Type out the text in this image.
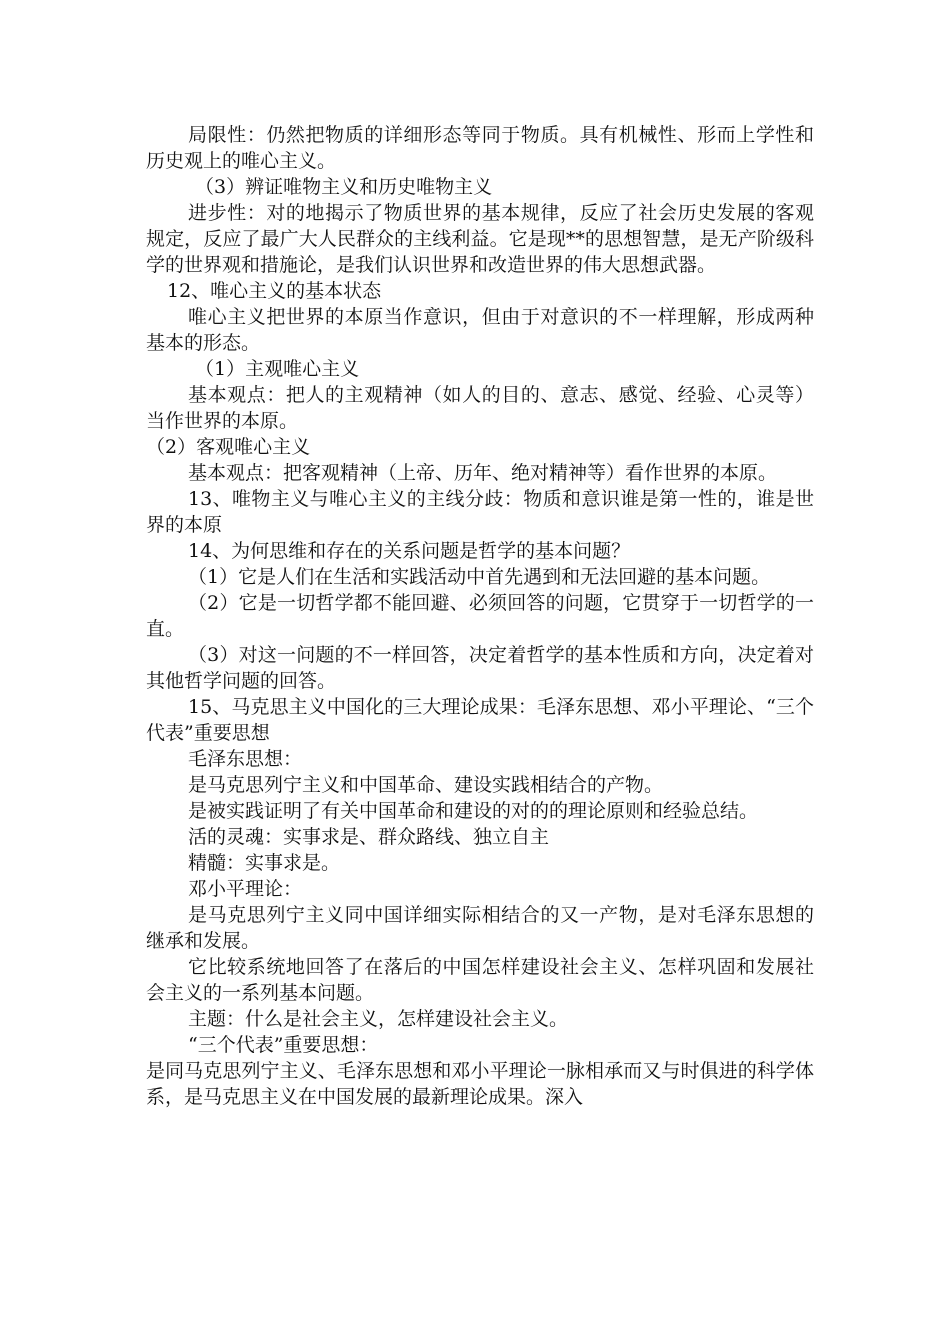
局限性：仍然把物质的详细形态等同于物质。具有机械性、形而上学性和历史观上的唯心主义。

（3）辨证唯物主义和历史唯物主义

进步性：对的地揭示了物质世界的基本规律，反应了社会历史发展的客观规定，反应了最广大人民群众的主线利益。它是现**的思想智慧，是无产阶级科学的世界观和措施论，是我们认识世界和改造世界的伟大思想武器。

12、唯心主义的基本状态

唯心主义把世界的本原当作意识，但由于对意识的不一样理解，形成两种基本的形态。

（1）主观唯心主义

基本观点：把人的主观精神（如人的目的、意志、感觉、经验、心灵等）当作世界的本原。

（2）客观唯心主义

基本观点：把客观精神（上帝、历年、绝对精神等）看作世界的本原。

13、唯物主义与唯心主义的主线分歧：物质和意识谁是第一性的，谁是世界的本原

14、为何思维和存在的关系问题是哲学的基本问题？

（1）它是人们在生活和实践活动中首先遇到和无法回避的基本问题。

（2）它是一切哲学都不能回避、必须回答的问题，它贯穿于一切哲学的一直。

（3）对这一问题的不一样回答，决定着哲学的基本性质和方向，决定着对其他哲学问题的回答。

15、马克思主义中国化的三大理论成果：毛泽东思想、邓小平理论、“三个代表”重要思想

毛泽东思想：

是马克思列宁主义和中国革命、建设实践相结合的产物。

是被实践证明了有关中国革命和建设的对的的理论原则和经验总结。

活的灵魂：实事求是、群众路线、独立自主

精髓：实事求是。

邓小平理论：

是马克思列宁主义同中国详细实际相结合的又一产物，是对毛泽东思想的继承和发展。

它比较系统地回答了在落后的中国怎样建设社会主义、怎样巩固和发展社会主义的一系列基本问题。

主题：什么是社会主义，怎样建设社会主义。

“三个代表”重要思想：

是同马克思列宁主义、毛泽东思想和邓小平理论一脉相承而又与时俱进的科学体系，是马克思主义在中国发展的最新理论成果。深入
